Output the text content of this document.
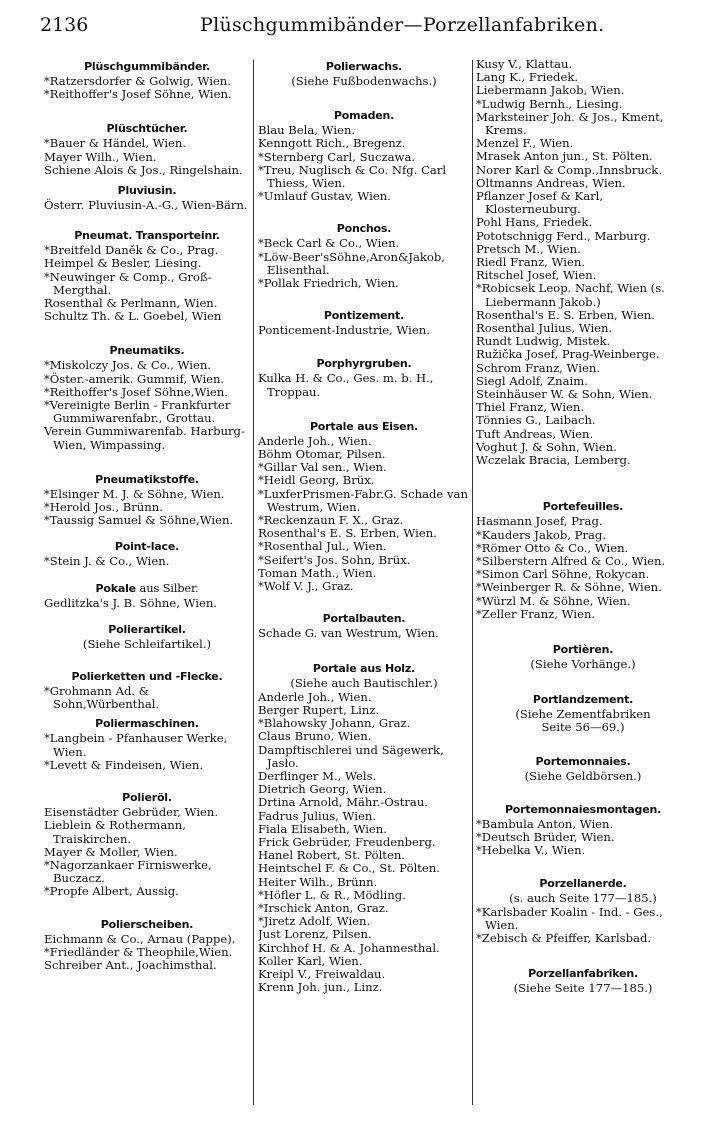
2136	Plüschgummibänder—Porzellanfabriken.
Plüschgummibänder.
*Ratzersdorfer & Golwig, Wien.
*Reithoffer's Josef Söhne, Wien.
Plüschtücher.
*Bauer & Händel, Wien.
Mayer Wilh., Wien.
Schiene Alois & Jos., Ringelshain.
Pluviusin.
Österr. Pluviusin-A.-G., Wien-Bärn.
Pneumat. Transporteinr.
*Breitfeld Daněk & Co., Prag.
Heimpel & Besler, Liesing.
*Neuwinger & Comp., Groß-Mergthal.
Rosenthal & Perlmann, Wien.
Schultz Th. & L. Goebel, Wien
Pneumatiks.
*Miskolczy Jos. & Co., Wien.
*Öster.-amerik. Gummif, Wien.
*Reithoffer's Josef Söhne,Wien.
*Vereinigte Berlin - Frankfurter Gummiwarenfabr., Grottau.
Verein Gummiwarenfab. Harburg-Wien, Wimpassing.
Pneumatikstoffe.
*Elsinger M. J. & Söhne, Wien.
*Herold Jos., Brünn.
*Taussig Samuel & Söhne,Wien.
Point-lace.
*Stein J. & Co., Wien.
Pokale aus Silber.
Gedlitzka's J. B. Söhne, Wien.
Polierartikel.
(Siehe Schleifartikel.)
Polierketten und -Flecke.
*Grohmann Ad. & Sohn,Würbenthal.
Poliermaschinen.
*Langbein - Pfanhauser Werke, Wien.
*Levett & Findeisen, Wien.
Polieröl.
Eisenstädter Gebrüder, Wien.
Lieblein & Rothermann, Traiskirchen.
Mayer & Moller, Wien.
*Nagorzankaer Firniswerke, Buczacz.
*Propfe Albert, Aussig.
Polierscheiben.
Eichmann & Co., Arnau (Pappe).
*Friedländer & Theophile,Wien.
Schreiber Ant., Joachimsthal.
Polierwachs.
(Siehe Fußbodenwachs.)
Pomaden.
Blau Bela, Wien.
Kenngott Rich., Bregenz.
*Sternberg Carl, Suczawa.
*Treu, Nuglisch & Co. Nfg. Carl Thiess, Wien.
*Umlauf Gustav, Wien.
Ponchos.
*Beck Carl & Co., Wien.
*Löw-Beer'sSöhne,Aron&Jakob, Elisenthal.
*Pollak Friedrich, Wien.
Pontizement.
Ponticement-Industrie, Wien.
Porphyrgruben.
Kulka H. & Co., Ges. m. b. H., Troppau.
Portale aus Eisen.
Anderle Joh., Wien.
Böhm Otomar, Pilsen.
*Gillar Val sen., Wien.
*Heidl Georg, Brüx.
*LuxferPrismen-Fabr.G. Schade van Westrum, Wien.
*Reckenzaun F. X., Graz.
Rosenthal's E. S. Erben, Wien.
*Rosenthal Jul., Wien.
*Seifert's Jos. Sohn, Brüx.
Toman Math., Wien.
*Wolf V. J., Graz.
Portalbauten.
Schade G. van Westrum, Wien.
Portale aus Holz.
(Siehe auch Bautischler.)
Anderle Joh., Wien.
Berger Rupert, Linz.
*Blahowsky Johann, Graz.
Claus Bruno, Wien.
Dampftischlerei und Sägewerk, Jasło.
Derflinger M., Wels.
Dietrich Georg, Wien.
Drtina Arnold, Mähr.-Ostrau.
Fadrus Julius, Wien.
Fiala Elisabeth, Wien.
Frick Gebrüder, Freudenberg.
Hanel Robert, St. Pölten.
Heintschel F. & Co., St. Pölten.
Heiter Wilh., Brünn.
*Höfler L. & R., Mödling.
*Irschick Anton, Graz.
*Jiretz Adolf, Wien.
Just Lorenz, Pilsen.
Kirchhof H. & A. Johannesthal.
Koller Karl, Wien.
Kreipl V., Freiwaldau.
Krenn Joh. jun., Linz.
Kusy V., Klattau.
Lang K., Friedek.
Liebermann Jakob, Wien.
*Ludwig Bernh., Liesing.
Marksteiner Joh. & Jos., Kment, Krems.
Menzel F., Wien.
Mrasek Anton jun., St. Pölten.
Norer Karl & Comp.,Innsbruck.
Oltmanns Andreas, Wien.
Pflanzer Josef & Karl, Klosterneuburg.
Pohl Hans, Friedek.
Pototschnigg Ferd., Marburg.
Pretsch M., Wien.
Riedl Franz, Wien.
Ritschel Josef, Wien.
*Robicsek Leop. Nachf, Wien (s. Liebermann Jakob.)
Rosenthal's E. S. Erben, Wien.
Rosenthal Julius, Wien.
Rundt Ludwig, Mistek.
Ružička Josef, Prag-Weinberge.
Schrom Franz, Wien.
Siegl Adolf, Znaim.
Steinhäuser W. & Sohn, Wien.
Thiel Franz, Wien.
Tönnies G., Laibach.
Tuft Andreas, Wien.
Voghut J. & Sohn, Wien.
Wczelak Bracia, Lemberg.
Portefeuilles.
Hasmann Josef, Prag.
*Kauders Jakob, Prag.
*Römer Otto & Co., Wien.
*Silberstern Alfred & Co., Wien.
*Simon Carl Söhne, Rokycan.
*Weinberger R. & Söhne, Wien.
*Würzl M. & Söhne, Wien.
*Zeller Franz, Wien.
Portièren.
(Siehe Vorhänge.)
Portlandzement.
(Siehe Zementfabriken
Seite 56—69.)
Portemonnaies.
(Siehe Geldbörsen.)
Portemonnaiesmontagen.
*Bambula Anton, Wien.
*Deutsch Brüder, Wien.
*Hebelka V., Wien.
Porzellanerde.
(s. auch Seite 177—185.)
*Karlsbader Koalin - Ind. - Ges., Wien.
*Zebisch & Pfeiffer, Karlsbad.
Porzellanfabriken.
(Siehe Seite 177—185.)
